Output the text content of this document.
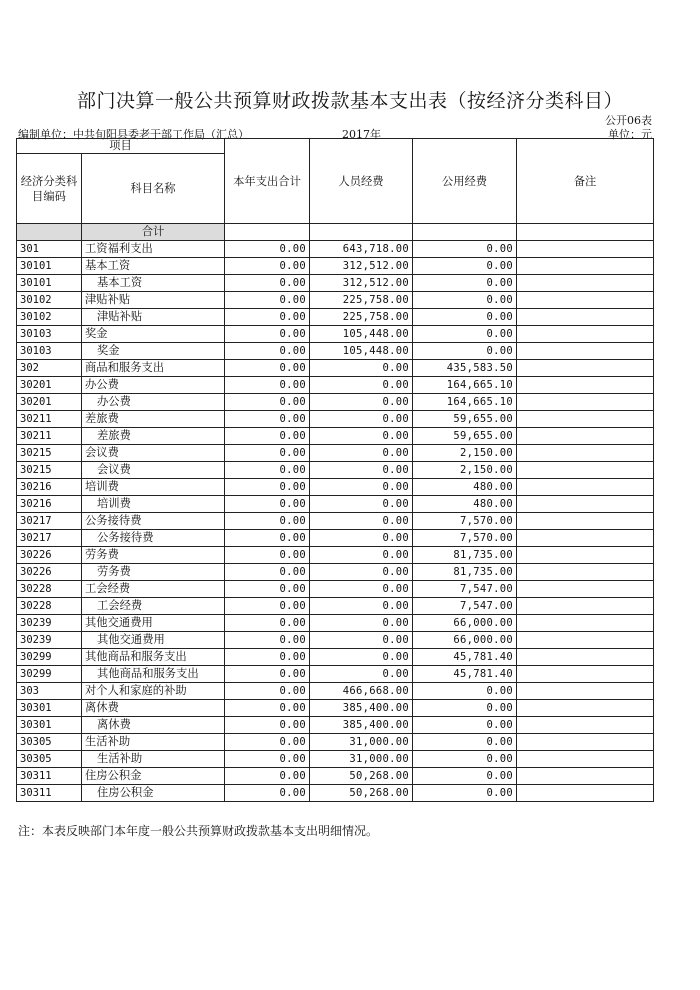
部门决算一般公共预算财政拨款基本支出表（按经济分类科目）
公开06表
编制单位：中共旬阳县委老干部工作局（汇总）	2017年	单位：元
项目		本年支出合计	人员经费	公用经费	备注
经济分类科目编码	科目名称				
	合计				
301	工资福利支出	0.00	643,718.00	0.00	
30101	基本工资	0.00	312,512.00	0.00	
30101	基本工资	0.00	312,512.00	0.00	
30102	津贴补贴	0.00	225,758.00	0.00	
30102	津贴补贴	0.00	225,758.00	0.00	
30103	奖金	0.00	105,448.00	0.00	
30103	奖金	0.00	105,448.00	0.00	
302	商品和服务支出	0.00	0.00	435,583.50	
30201	办公费	0.00	0.00	164,665.10	
30201	办公费	0.00	0.00	164,665.10	
30211	差旅费	0.00	0.00	59,655.00	
30211	差旅费	0.00	0.00	59,655.00	
30215	会议费	0.00	0.00	2,150.00	
30215	会议费	0.00	0.00	2,150.00	
30216	培训费	0.00	0.00	480.00	
30216	培训费	0.00	0.00	480.00	
30217	公务接待费	0.00	0.00	7,570.00	
30217	公务接待费	0.00	0.00	7,570.00	
30226	劳务费	0.00	0.00	81,735.00	
30226	劳务费	0.00	0.00	81,735.00	
30228	工会经费	0.00	0.00	7,547.00	
30228	工会经费	0.00	0.00	7,547.00	
30239	其他交通费用	0.00	0.00	66,000.00	
30239	其他交通费用	0.00	0.00	66,000.00	
30299	其他商品和服务支出	0.00	0.00	45,781.40	
30299	其他商品和服务支出	0.00	0.00	45,781.40	
303	对个人和家庭的补助	0.00	466,668.00	0.00	
30301	离休费	0.00	385,400.00	0.00	
30301	离休费	0.00	385,400.00	0.00	
30305	生活补助	0.00	31,000.00	0.00	
30305	生活补助	0.00	31,000.00	0.00	
30311	住房公积金	0.00	50,268.00	0.00	
30311	住房公积金	0.00	50,268.00	0.00	
注：本表反映部门本年度一般公共预算财政拨款基本支出明细情况。
